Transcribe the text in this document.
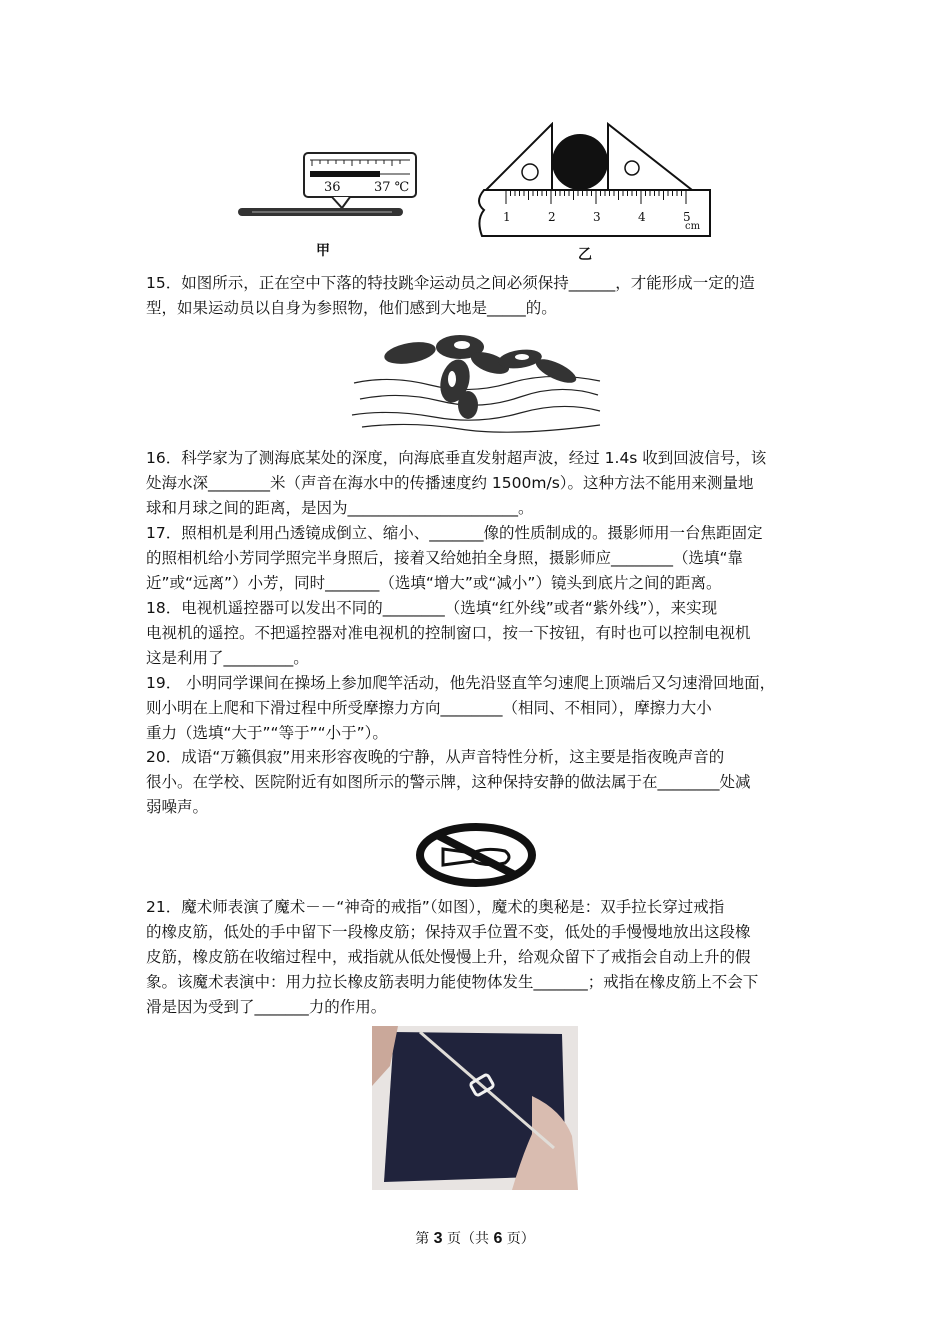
36	37 ℃
甲
1	2	3	4	5
cm
乙

15．如图所示，正在空中下落的特技跳伞运动员之间必须保持______，才能形成一定的造

型，如果运动员以自身为参照物，他们感到大地是_____的。

16．科学家为了测海底某处的深度，向海底垂直发射超声波，经过 1.4s 收到回波信号，该

处海水深________米（声音在海水中的传播速度约 1500m/s）。这种方法不能用来测量地

球和月球之间的距离，是因为______________________。

17．照相机是利用凸透镜成倒立、缩小、_______像的性质制成的。摄影师用一台焦距固定

的照相机给小芳同学照完半身照后，接着又给她拍全身照，摄影师应________（选填“靠

近”或“远离”）小芳，同时_______（选填“增大”或“减小”）镜头到底片之间的距离。

18．电视机遥控器可以发出不同的________（选填“红外线”或者“紫外线”），来实现

电视机的遥控。不把遥控器对准电视机的控制窗口，按一下按钮，有时也可以控制电视机

这是利用了_________。

19． 小明同学课间在操场上参加爬竿活动，他先沿竖直竿匀速爬上顶端后又匀速滑回地面，

则小明在上爬和下滑过程中所受摩擦力方向________（相同、不相同），摩擦力大小

重力（选填“大于”“等于”“小于”）。

20．成语“万籁俱寂”用来形容夜晚的宁静，从声音特性分析，这主要是指夜晚声音的

很小。在学校、医院附近有如图所示的警示牌，这种保持安静的做法属于在________处减

弱噪声。

21．魔术师表演了魔术－－“神奇的戒指”（如图），魔术的奥秘是：双手拉长穿过戒指

的橡皮筋，低处的手中留下一段橡皮筋；保持双手位置不变，低处的手慢慢地放出这段橡

皮筋，橡皮筋在收缩过程中，戒指就从低处慢慢上升，给观众留下了戒指会自动上升的假

象。该魔术表演中：用力拉长橡皮筋表明力能使物体发生_______；戒指在橡皮筋上不会下

滑是因为受到了_______力的作用。

第 3 页（共 6 页）
